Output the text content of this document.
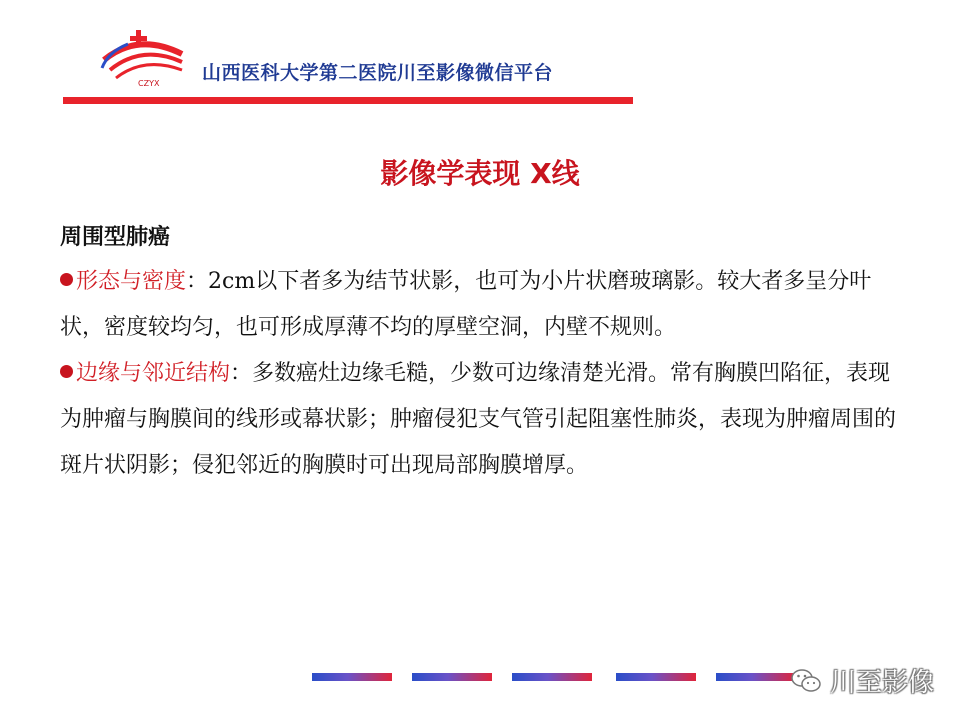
CZYX 山西医科大学第二医院川至影像微信平台
影像学表现 X线
周围型肺癌

形态与密度：2cm以下者多为结节状影，也可为小片状磨玻璃影。较大者多呈分叶状，密度较均匀，也可形成厚薄不均的厚壁空洞，内壁不规则。

边缘与邻近结构：多数癌灶边缘毛糙，少数可边缘清楚光滑。常有胸膜凹陷征，表现为肿瘤与胸膜间的线形或幕状影；肿瘤侵犯支气管引起阻塞性肺炎，表现为肿瘤周围的斑片状阴影；侵犯邻近的胸膜时可出现局部胸膜增厚。

川至影像
